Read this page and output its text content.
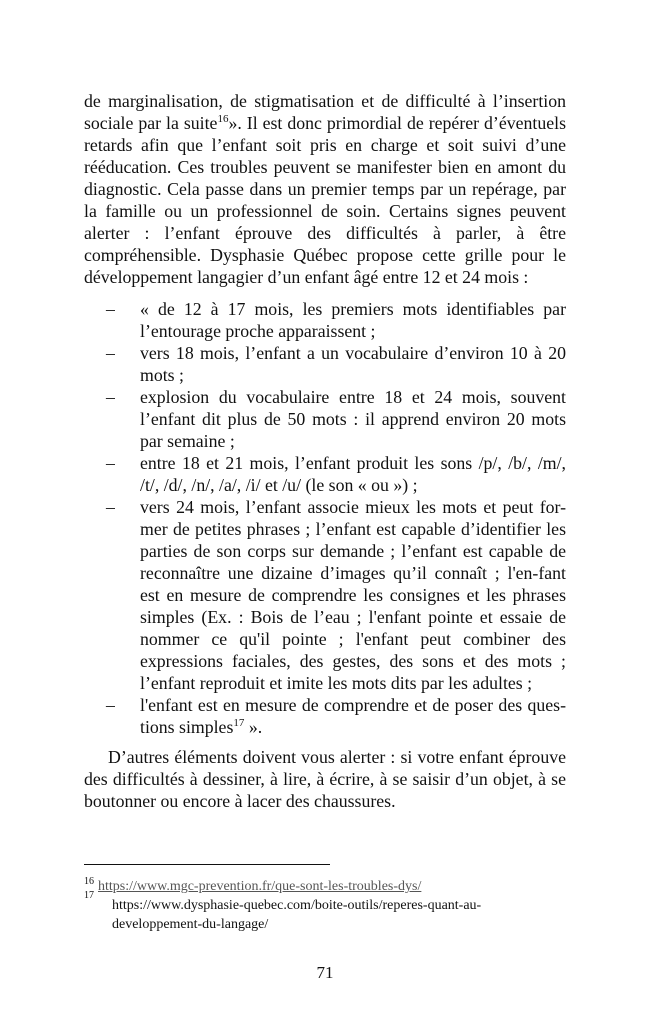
de marginalisation, de stigmatisation et de difficulté à l’insertion sociale par la suite$^{16}$». Il est donc primordial de repérer d’éventuels retards afin que l’enfant soit pris en charge et soit suivi d’une rééducation. Ces troubles peuvent se manifester bien en amont du diagnostic. Cela passe dans un premier temps par un repérage, par la famille ou un professionnel de soin. Certains signes peuvent alerter : l’enfant éprouve des difficultés à parler, à être compréhensible. Dysphasie Québec propose cette grille pour le développement langagier d’un enfant âgé entre 12 et 24 mois :

– « de 12 à 17 mois, les premiers mots identifiables par l’entourage proche apparaissent ;
– vers 18 mois, l’enfant a un vocabulaire d’environ 10 à 20 mots ;
– explosion du vocabulaire entre 18 et 24 mois, souvent l’enfant dit plus de 50 mots : il apprend environ 20 mots par semaine ;
– entre 18 et 21 mois, l’enfant produit les sons /p/, /b/, /m/, /t/, /d/, /n/, /a/, /i/ et /u/ (le son « ou ») ;
– vers 24 mois, l’enfant associe mieux les mots et peut for-mer de petites phrases ; l’enfant est capable d’identifier les parties de son corps sur demande ; l’enfant est capable de reconnaître une dizaine d’images qu’il connaît ; l'en-fant est en mesure de comprendre les consignes et les phrases simples (Ex. : Bois de l’eau ; l'enfant pointe et essaie de nommer ce qu'il pointe ; l'enfant peut combiner des expressions faciales, des gestes, des sons et des mots ; l’enfant reproduit et imite les mots dits par les adultes ;
– l'enfant est en mesure de comprendre et de poser des ques-tions simples$^{17}$ ».

D’autres éléments doivent vous alerter : si votre enfant éprouve des difficultés à dessiner, à lire, à écrire, à se saisir d’un objet, à se boutonner ou encore à lacer des chaussures.

$^{16}$ https://www.mgc-prevention.fr/que-sont-les-troubles-dys/

17
https://www.dysphasie-quebec.com/boite-outils/reperes-quant-au-developpement-du-langage/
71
